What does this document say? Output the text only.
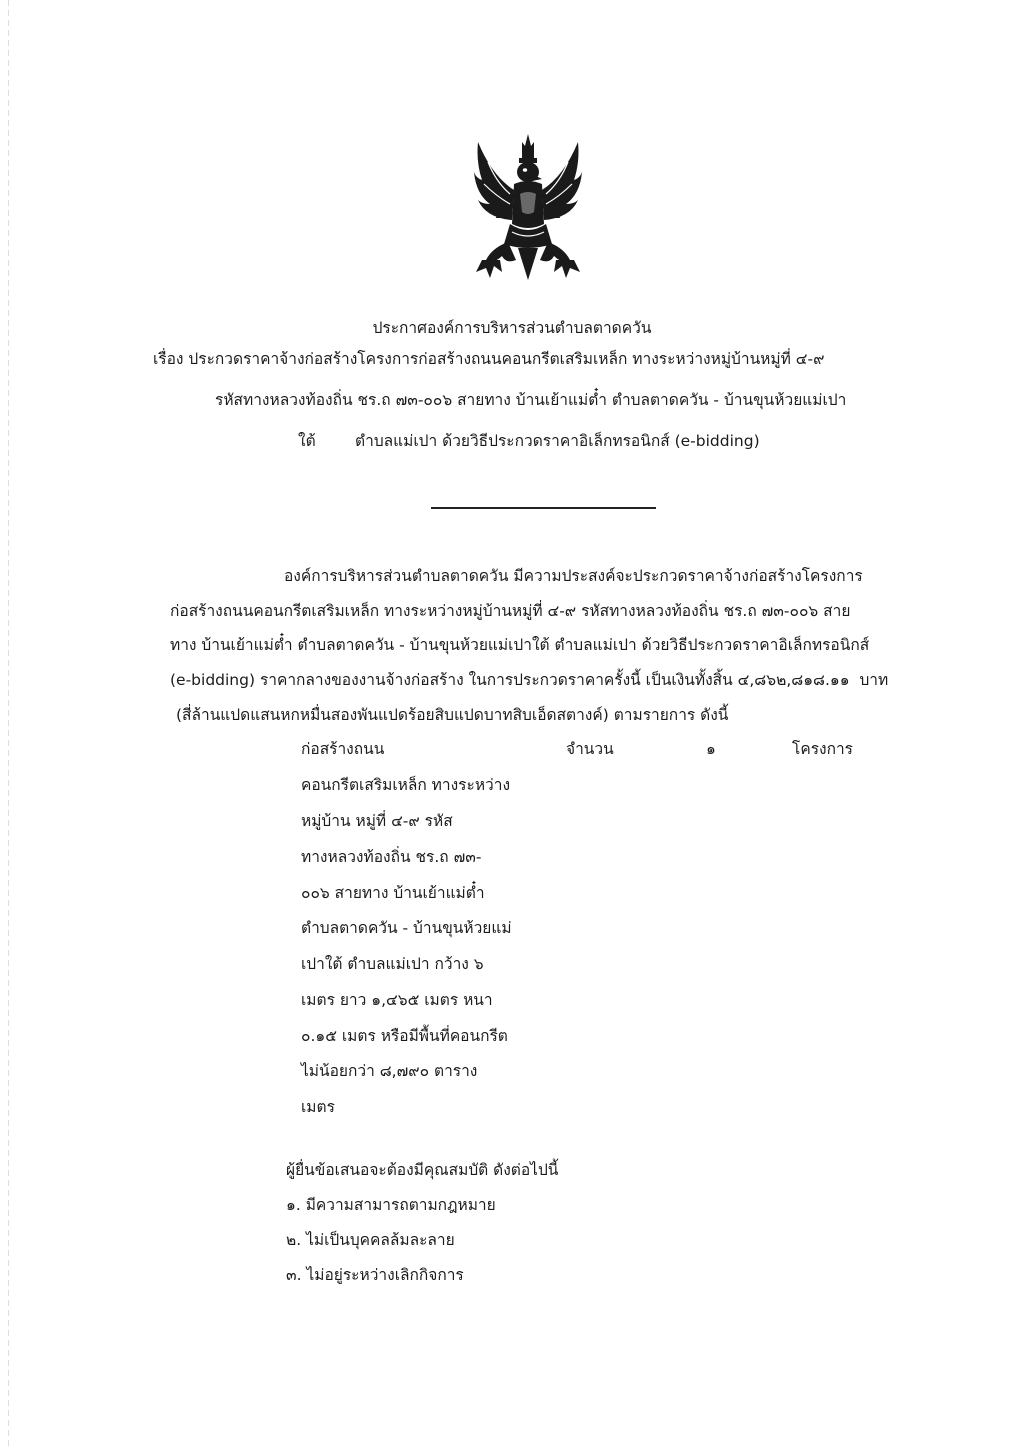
ประกาศองค์การบริหารส่วนตำบลตาดควัน
เรื่อง ประกวดราคาจ้างก่อสร้างโครงการก่อสร้างถนนคอนกรีตเสริมเหล็ก ทางระหว่างหมู่บ้านหมู่ที่ ๔-๙
รหัสทางหลวงท้องถิ่น ชร.ถ ๗๓-๐๐๖ สายทาง บ้านเย้าแม่ต๋ำ ตำบลตาดควัน - บ้านขุนห้วยแม่เปา
ใต้        ตำบลแม่เปา ด้วยวิธีประกวดราคาอิเล็กทรอนิกส์ (e-bidding)
องค์การบริหารส่วนตำบลตาดควัน มีความประสงค์จะประกวดราคาจ้างก่อสร้างโครงการ
ก่อสร้างถนนคอนกรีตเสริมเหล็ก ทางระหว่างหมู่บ้านหมู่ที่ ๔-๙ รหัสทางหลวงท้องถิ่น ชร.ถ ๗๓-๐๐๖ สาย
ทาง บ้านเย้าแม่ต๋ำ ตำบลตาดควัน - บ้านขุนห้วยแม่เปาใต้ ตำบลแม่เปา ด้วยวิธีประกวดราคาอิเล็กทรอนิกส์
(e-bidding) ราคากลางของงานจ้างก่อสร้าง ในการประกวดราคาครั้งนี้ เป็นเงินทั้งสิ้น ๔,๘๖๒,๘๑๘.๑๑  บาท
(สี่ล้านแปดแสนหกหมื่นสองพันแปดร้อยสิบแปดบาทสิบเอ็ดสตางค์) ตามรายการ ดังนี้
ก่อสร้างถนน	จำนวน	๑	โครงการ
คอนกรีตเสริมเหล็ก ทางระหว่าง
หมู่บ้าน หมู่ที่ ๔-๙ รหัส
ทางหลวงท้องถิ่น ชร.ถ ๗๓-
๐๐๖ สายทาง บ้านเย้าแม่ต๋ำ
ตำบลตาดควัน - บ้านขุนห้วยแม่
เปาใต้ ตำบลแม่เปา กว้าง ๖
เมตร ยาว ๑,๔๖๕ เมตร หนา
๐.๑๕ เมตร หรือมีพื้นที่คอนกรีต
ไม่น้อยกว่า ๘,๗๙๐ ตาราง
เมตร
ผู้ยื่นข้อเสนอจะต้องมีคุณสมบัติ ดังต่อไปนี้
๑. มีความสามารถตามกฎหมาย
๒. ไม่เป็นบุคคลล้มละลาย
๓. ไม่อยู่ระหว่างเลิกกิจการ
